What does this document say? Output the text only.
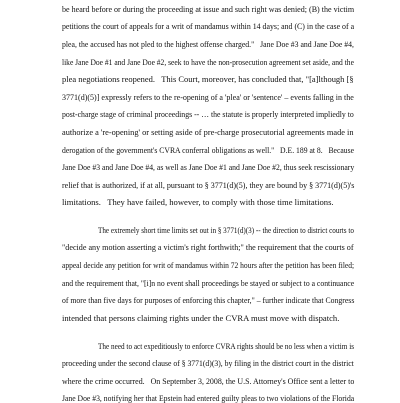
be heard before or during the proceeding at issue and such right was denied; (B) the victim
petitions the court of appeals for a writ of mandamus within 14 days; and (C) in the case of a
plea, the accused has not pled to the highest offense charged."   Jane Doe #3 and Jane Doe #4,
like Jane Doe #1 and Jane Doe #2, seek to have the non-prosecution agreement set aside, and the
plea negotiations reopened.   This Court, moreover, has concluded that, "[a]lthough [§
3771(d)(5)] expressly refers to the re-opening of a 'plea' or 'sentence' – events falling in the
post-charge stage of criminal proceedings -- … the statute is properly interpreted impliedly to
authorize a 're-opening' or setting aside of pre-charge prosecutorial agreements made in
derogation of the government's CVRA conferral obligations as well."   D.E. 189 at 8.   Because
Jane Doe #3 and Jane Doe #4, as well as Jane Doe #1 and Jane Doe #2, thus seek rescissionary
relief that is authorized, if at all, pursuant to § 3771(d)(5), they are bound by § 3771(d)(5)'s
limitations.   They have failed, however, to comply with those time limitations.
The extremely short time limits set out in § 3771(d)(3) -- the direction to district courts to
"decide any motion asserting a victim's right forthwith;" the requirement that the courts of
appeal decide any petition for writ of mandamus within 72 hours after the petition has been filed;
and the requirement that, "[i]n no event shall proceedings be stayed or subject to a continuance
of more than five days for purposes of enforcing this chapter," – further indicate that Congress
intended that persons claiming rights under the CVRA must move with dispatch.
The need to act expeditiously to enforce CVRA rights should be no less when a victim is
proceeding under the second clause of § 3771(d)(3), by filing in the district court in the district
where the crime occurred.   On September 3, 2008, the U.S. Attorney's Office sent a letter to
Jane Doe #3, notifying her that Epstein had entered guilty pleas to two violations of the Florida
